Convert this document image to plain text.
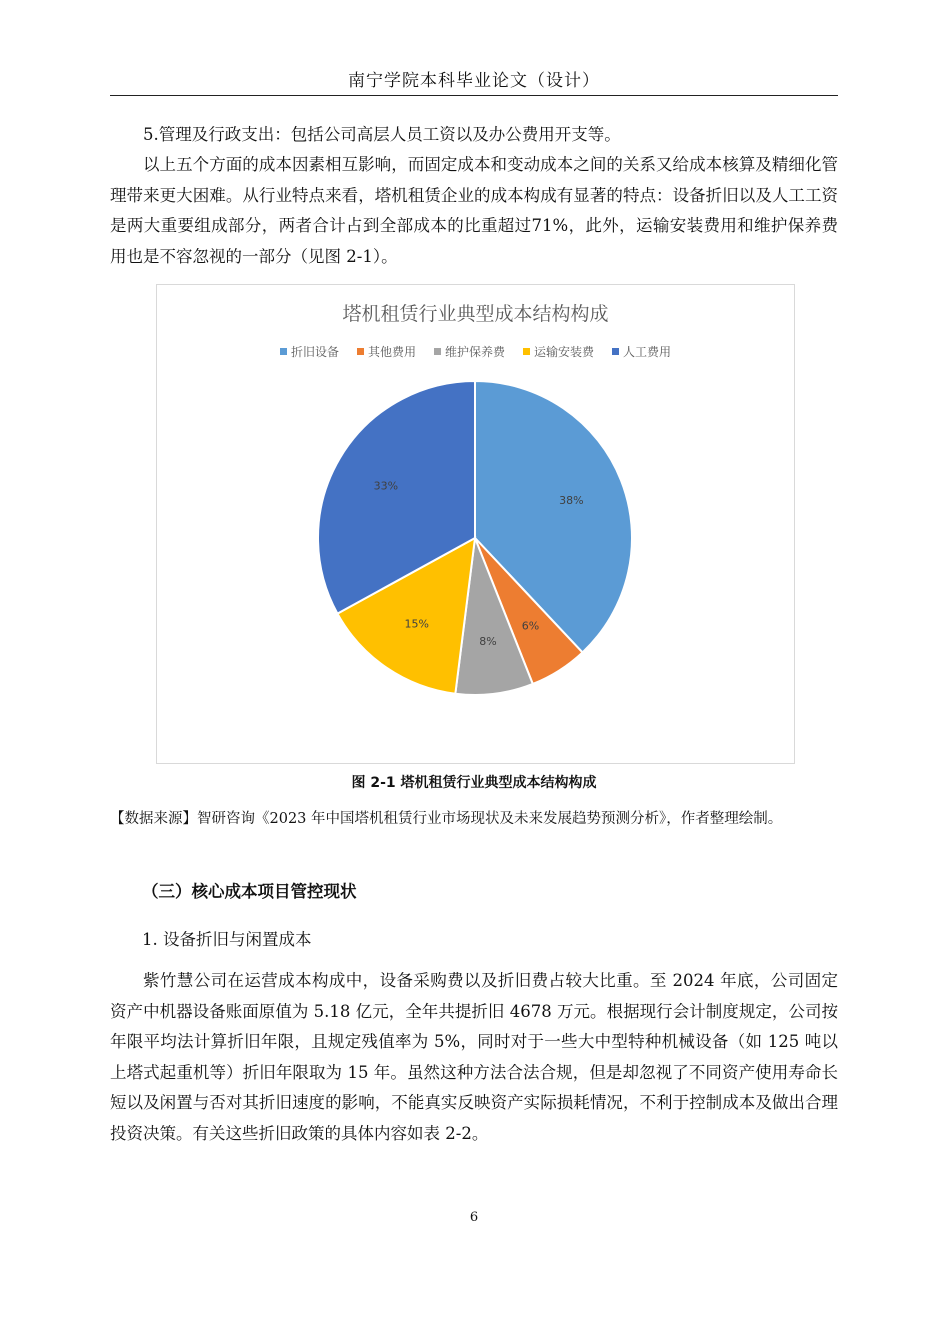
南宁学院本科毕业论文（设计）

5.管理及行政支出：包括公司高层人员工资以及办公费用开支等。

以上五个方面的成本因素相互影响，而固定成本和变动成本之间的关系又给成本核算及精细化管理带来更大困难。从行业特点来看，塔机租赁企业的成本构成有显著的特点：设备折旧以及人工工资是两大重要组成部分，两者合计占到全部成本的比重超过71%，此外，运输安装费用和维护保养费用也是不容忽视的一部分（见图 2-1）。

塔机租赁行业典型成本结构构成
折旧设备 其他费用 维护保养费 运输安装费 人工费用
38%
6%
8%
15%
33%
图 2-1 塔机租赁行业典型成本结构构成
【数据来源】智研咨询《2023 年中国塔机租赁行业市场现状及未来发展趋势预测分析》，作者整理绘制。
（三）核心成本项目管控现状
1. 设备折旧与闲置成本

紫竹慧公司在运营成本构成中，设备采购费以及折旧费占较大比重。至 2024 年底，公司固定资产中机器设备账面原值为 5.18 亿元，全年共提折旧 4678 万元。根据现行会计制度规定，公司按年限平均法计算折旧年限，且规定残值率为 5%，同时对于一些大中型特种机械设备（如 125 吨以上塔式起重机等）折旧年限取为 15 年。虽然这种方法合法合规，但是却忽视了不同资产使用寿命长短以及闲置与否对其折旧速度的影响，不能真实反映资产实际损耗情况，不利于控制成本及做出合理投资决策。有关这些折旧政策的具体内容如表 2-2。

6
